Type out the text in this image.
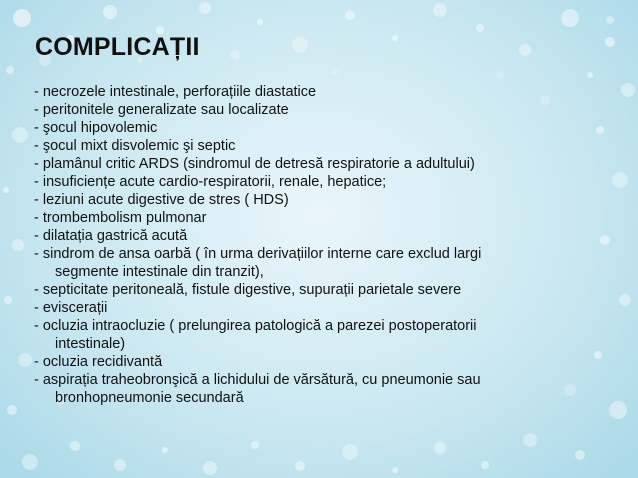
COMPLICAȚII
- necrozele intestinale, perforațiile diastatice
- peritonitele generalizate sau localizate
- şocul hipovolemic
- şocul mixt disvolemic şi septic
- plamânul critic ARDS (sindromul de detresă respiratorie a adultului)
- insuficiențe acute cardio-respiratorii, renale, hepatice;
- leziuni acute digestive de stres ( HDS)
- trombembolism pulmonar
- dilatația gastrică acută
- sindrom de ansa oarbă ( în urma derivațiilor interne care exclud largi
segmente intestinale din tranzit),
- septicitate peritoneală, fistule digestive, supurații parietale severe
- eviscerații
- ocluzia intraocluzie ( prelungirea patologică a parezei postoperatorii
intestinale)
- ocluzia recidivantă
- aspirația traheobronşică a lichidului de vărsătură, cu pneumonie sau
bronhopneumonie secundară
